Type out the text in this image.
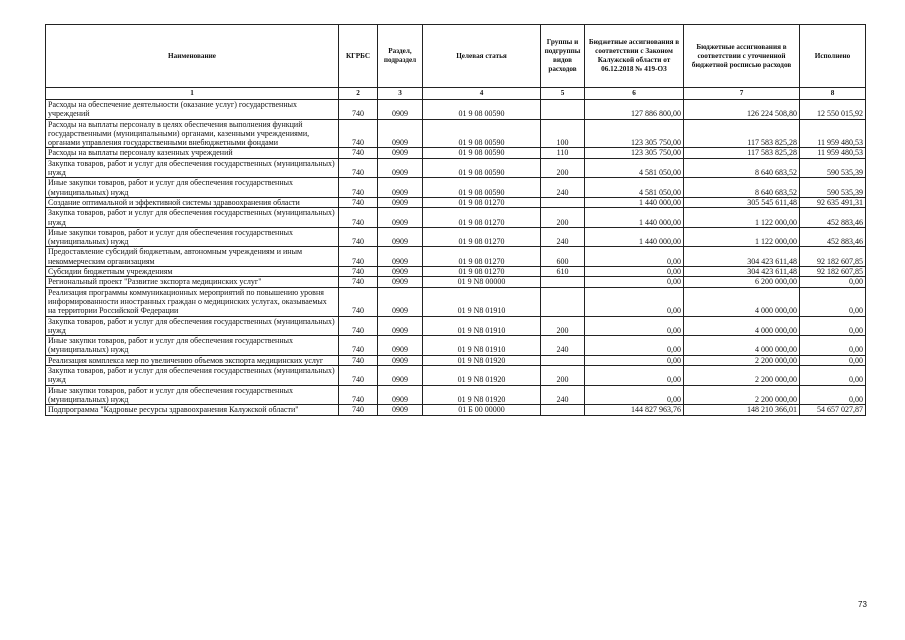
Наименование	КГРБС	Раздел, подраздел	Целевая статья	Группы и подгруппы видов расходов	Бюджетные ассигнования в соответствии с Законом Калужской области от 06.12.2018 № 419-ОЗ	Бюджетные ассигнования в соответствии с уточненной бюджетной росписью расходов	Исполнено
1	2	3	4	5	6	7	8
Расходы на обеспечение деятельности (оказание услуг) государственных учреждений	740	0909	01 9 08 00590		127 886 800,00	126 224 508,80	12 550 015,92
Расходы на выплаты персоналу в целях обеспечения выполнения функций государственными (муниципальными) органами, казенными учреждениями, органами управления государственными внебюджетными фондами	740	0909	01 9 08 00590	100	123 305 750,00	117 583 825,28	11 959 480,53
Расходы на выплаты персоналу казенных учреждений	740	0909	01 9 08 00590	110	123 305 750,00	117 583 825,28	11 959 480,53
Закупка товаров, работ и услуг для обеспечения государственных (муниципальных) нужд	740	0909	01 9 08 00590	200	4 581 050,00	8 640 683,52	590 535,39
Иные закупки товаров, работ и услуг для обеспечения государственных (муниципальных) нужд	740	0909	01 9 08 00590	240	4 581 050,00	8 640 683,52	590 535,39
Создание оптимальной и эффективной системы здравоохранения области	740	0909	01 9 08 01270		1 440 000,00	305 545 611,48	92 635 491,31
Закупка товаров, работ и услуг для обеспечения государственных (муниципальных) нужд	740	0909	01 9 08 01270	200	1 440 000,00	1 122 000,00	452 883,46
Иные закупки товаров, работ и услуг для обеспечения государственных (муниципальных) нужд	740	0909	01 9 08 01270	240	1 440 000,00	1 122 000,00	452 883,46
Предоставление субсидий бюджетным, автономным учреждениям и иным некоммерческим организациям	740	0909	01 9 08 01270	600	0,00	304 423 611,48	92 182 607,85
Субсидии бюджетным учреждениям	740	0909	01 9 08 01270	610	0,00	304 423 611,48	92 182 607,85
Региональный проект "Развитие экспорта медицинских услуг"	740	0909	01 9 N8 00000		0,00	6 200 000,00	0,00
Реализация программы коммуникационных мероприятий по повышению уровня информированности иностранных граждан о медицинских услугах, оказываемых на территории Российской Федерации	740	0909	01 9 N8 01910		0,00	4 000 000,00	0,00
Закупка товаров, работ и услуг для обеспечения государственных (муниципальных) нужд	740	0909	01 9 N8 01910	200	0,00	4 000 000,00	0,00
Иные закупки товаров, работ и услуг для обеспечения государственных (муниципальных) нужд	740	0909	01 9 N8 01910	240	0,00	4 000 000,00	0,00
Реализация комплекса мер по увеличению объемов экспорта медицинских услуг	740	0909	01 9 N8 01920		0,00	2 200 000,00	0,00
Закупка товаров, работ и услуг для обеспечения государственных (муниципальных) нужд	740	0909	01 9 N8 01920	200	0,00	2 200 000,00	0,00
Иные закупки товаров, работ и услуг для обеспечения государственных (муниципальных) нужд	740	0909	01 9 N8 01920	240	0,00	2 200 000,00	0,00
Подпрограмма "Кадровые ресурсы здравоохранения Калужской области"	740	0909	01 Б 00 00000		144 827 963,76	148 210 366,01	54 657 027,87
73
